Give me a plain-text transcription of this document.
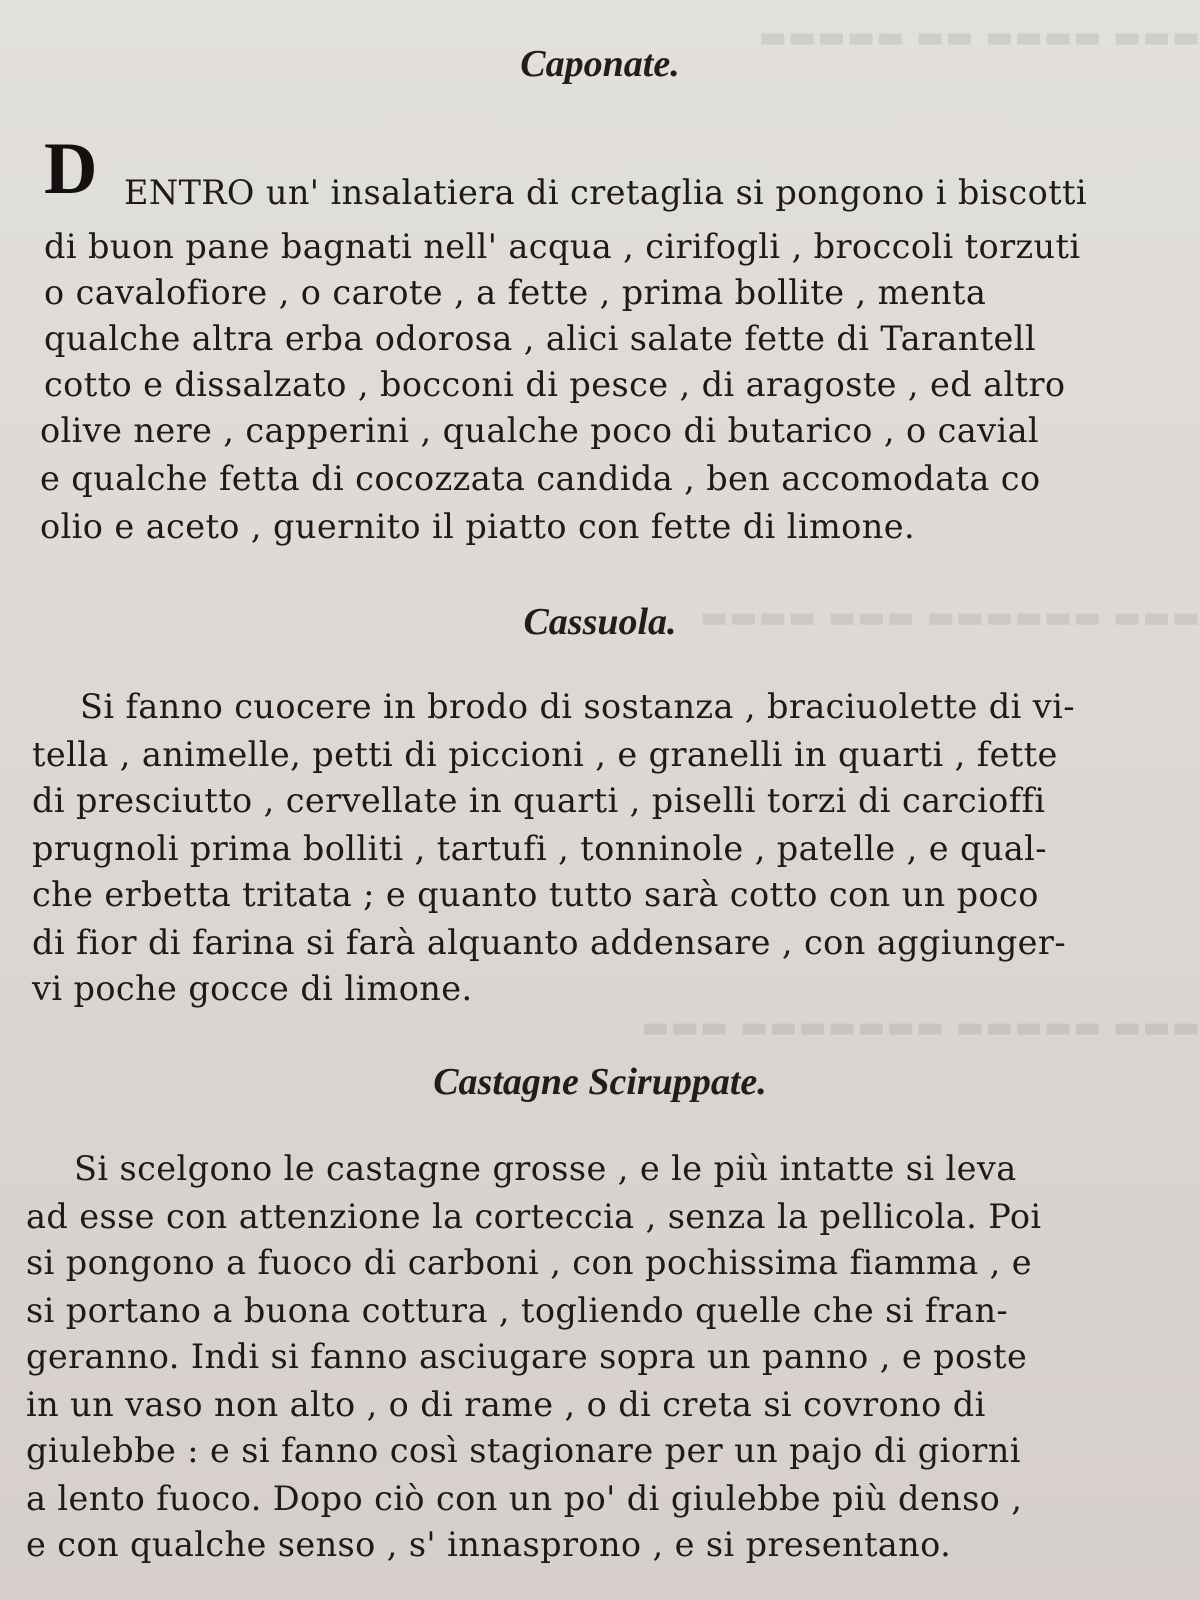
▬▬▬ ▬▬▬▬ ▬▬ ▬▬▬▬▬
▬▬▬ ▬▬▬▬▬▬ ▬▬▬ ▬▬▬▬
▬▬▬ ▬▬▬▬▬ ▬▬▬▬▬▬▬ ▬▬▬
Caponate.
D ENTRO un' insalatiera di cretaglia si pongono i biscotti
di buon pane bagnati nell' acqua , cirifogli , broccoli torzuti
o cavalofiore , o carote , a fette , prima bollite , menta
qualche altra erba odorosa , alici salate fette di Tarantell
cotto e dissalzato , bocconi di pesce , di aragoste , ed altro
olive nere , capperini , qualche poco di butarico , o cavial
e qualche fetta di cocozzata candida , ben accomodata co
olio e aceto , guernito il piatto con fette di limone.
Cassuola.
Si fanno cuocere in brodo di sostanza , braciuolette di vi-
tella , animelle, petti di piccioni , e granelli in quarti , fette
di presciutto , cervellate in quarti , piselli torzi di carcioffi
prugnoli prima bolliti , tartufi , tonninole , patelle , e qual-
che erbetta tritata ; e quanto tutto sarà cotto con un poco
di fior di farina si farà alquanto addensare , con aggiunger-
vi poche gocce di limone.
Castagne Sciruppate.
Si scelgono le castagne grosse , e le più intatte si leva
ad esse con attenzione la corteccia , senza la pellicola. Poi
si pongono a fuoco di carboni , con pochissima fiamma , e
si portano a buona cottura , togliendo quelle che si fran-
geranno. Indi si fanno asciugare sopra un panno , e poste
in un vaso non alto , o di rame , o di creta si covrono di
giulebbe : e si fanno così stagionare per un pajo di giorni
a lento fuoco. Dopo ciò con un po' di giulebbe più denso ,
e con qualche senso , s' innasprono , e si presentano.
